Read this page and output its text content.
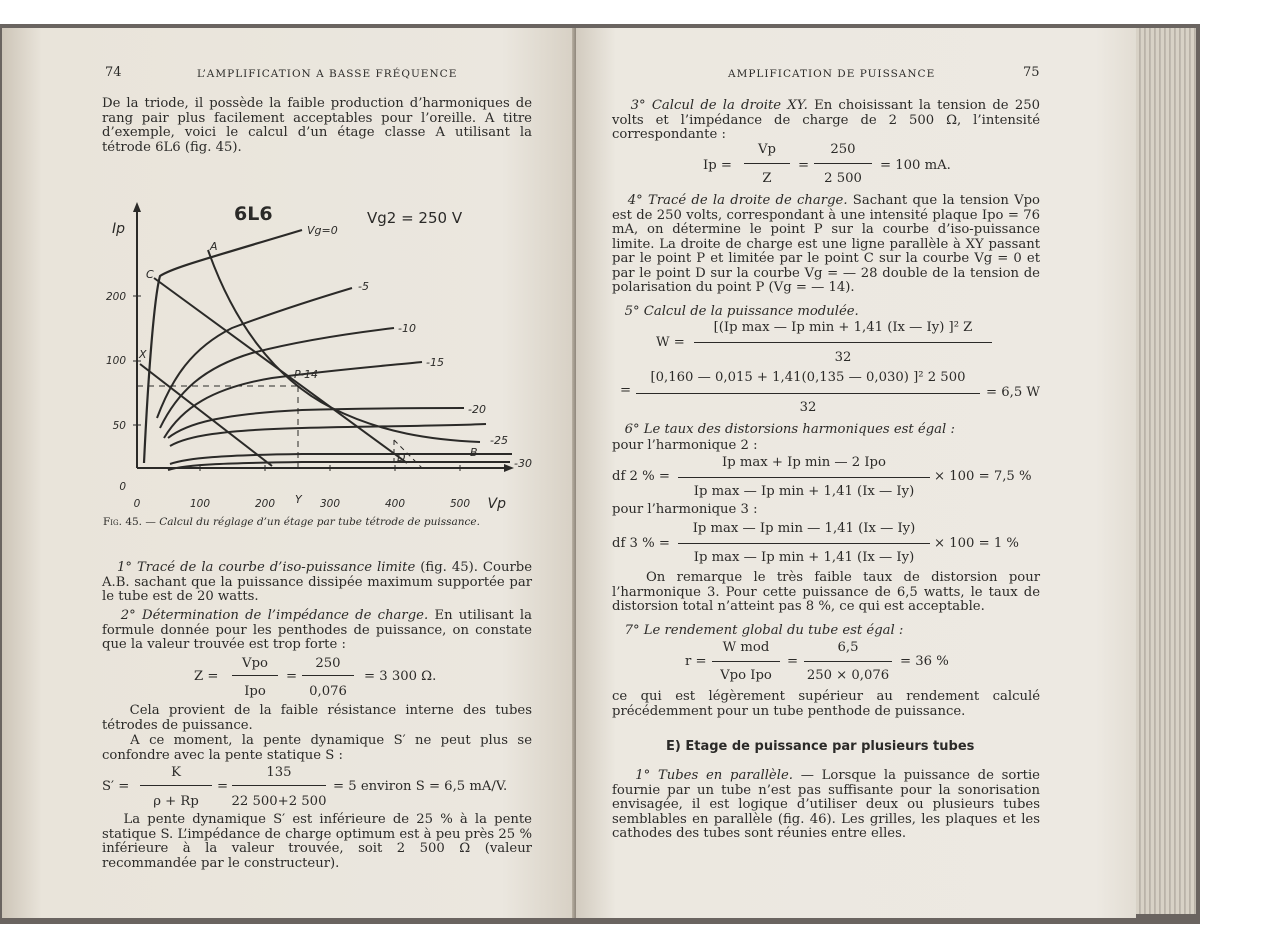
74	L’AMPLIFICATION A BASSE FRÉQUENCE
De la triode, il possède la faible production d’harmoniques de rang pair plus facilement acceptables pour l’oreille. A titre d’exemple, voici le calcul d’un étage classe A utilisant la tétrode 6L6 (fig. 45).
Ip
Vp
6L6	Vg2 = 250 V
200
100
50
0
0	100	200	300	400	500
Vg=0
-5
-10
-15
-20
-25
-30
A
B
C
D
P-14
X
Y
Fig. 45. — Calcul du réglage d’un étage par tube tétrode de puissance.
1° Tracé de la courbe d’iso-puissance limite (fig. 45). Courbe A.B. sachant que la puissance dissipée maximum supportée par le tube est de 20 watts.
2° Détermination de l’impédance de charge. En utilisant la formule donnée pour les penthodes de puissance, on constate que la valeur trouvée est trop forte :
Z =
Vpo
Ipo
=
250
0,076
= 3 300 Ω.
Cela provient de la faible résistance interne des tubes tétrodes de puissance.
A ce moment, la pente dynamique S′ ne peut plus se confondre avec la pente statique S :
S′ =
K
ρ + Rp
=
135
22 500+2 500
= 5 environ S = 6,5 mA/V.
La pente dynamique S′ est inférieure de 25 % à la pente statique S. L’impédance de charge optimum est à peu près 25 % inférieure à la valeur trouvée, soit 2 500 Ω (valeur recommandée par le constructeur).
AMPLIFICATION DE PUISSANCE	75
3° Calcul de la droite XY. En choisissant la tension de 250 volts et l’impédance de charge de 2 500 Ω, l’intensité correspondante :
Ip =
Vp
Z
=
250
2 500
= 100 mA.
4° Tracé de la droite de charge. Sachant que la tension Vpo est de 250 volts, correspondant à une intensité plaque Ipo = 76 mA, on détermine le point P sur la courbe d’iso-puissance limite. La droite de charge est une ligne parallèle à XY passant par le point P et limitée par le point C sur la courbe Vg = 0 et par le point D sur la courbe Vg = — 28 double de la tension de polarisation du point P (Vg = — 14).
5° Calcul de la puissance modulée.
W =
[(Ip max — Ip min + 1,41 (Ix — Iy) ]² Z
32
=
[0,160 — 0,015 + 1,41(0,135 — 0,030) ]² 2 500
32
= 6,5 W
6° Le taux des distorsions harmoniques est égal :
pour l’harmonique 2 :
df 2 % =
Ip max + Ip min — 2 Ipo
Ip max — Ip min + 1,41 (Ix — Iy)
× 100 = 7,5 %
pour l’harmonique 3 :
df 3 % =
Ip max — Ip min — 1,41 (Ix — Iy)
Ip max — Ip min + 1,41 (Ix — Iy)
× 100 = 1 %
On remarque le très faible taux de distorsion pour l’harmonique 3. Pour cette puissance de 6,5 watts, le taux de distorsion total n’atteint pas 8 %, ce qui est acceptable.
7° Le rendement global du tube est égal :
r =
W mod
Vpo Ipo
=
6,5
250 × 0,076
= 36 %
ce qui est légèrement supérieur au rendement calculé précédemment pour un tube penthode de puissance.
E) Etage de puissance par plusieurs tubes
1° Tubes en parallèle. — Lorsque la puissance de sortie fournie par un tube n’est pas suffisante pour la sonorisation envisagée, il est logique d’utiliser deux ou plusieurs tubes semblables en parallèle (fig. 46). Les grilles, les plaques et les cathodes des tubes sont réunies entre elles.
